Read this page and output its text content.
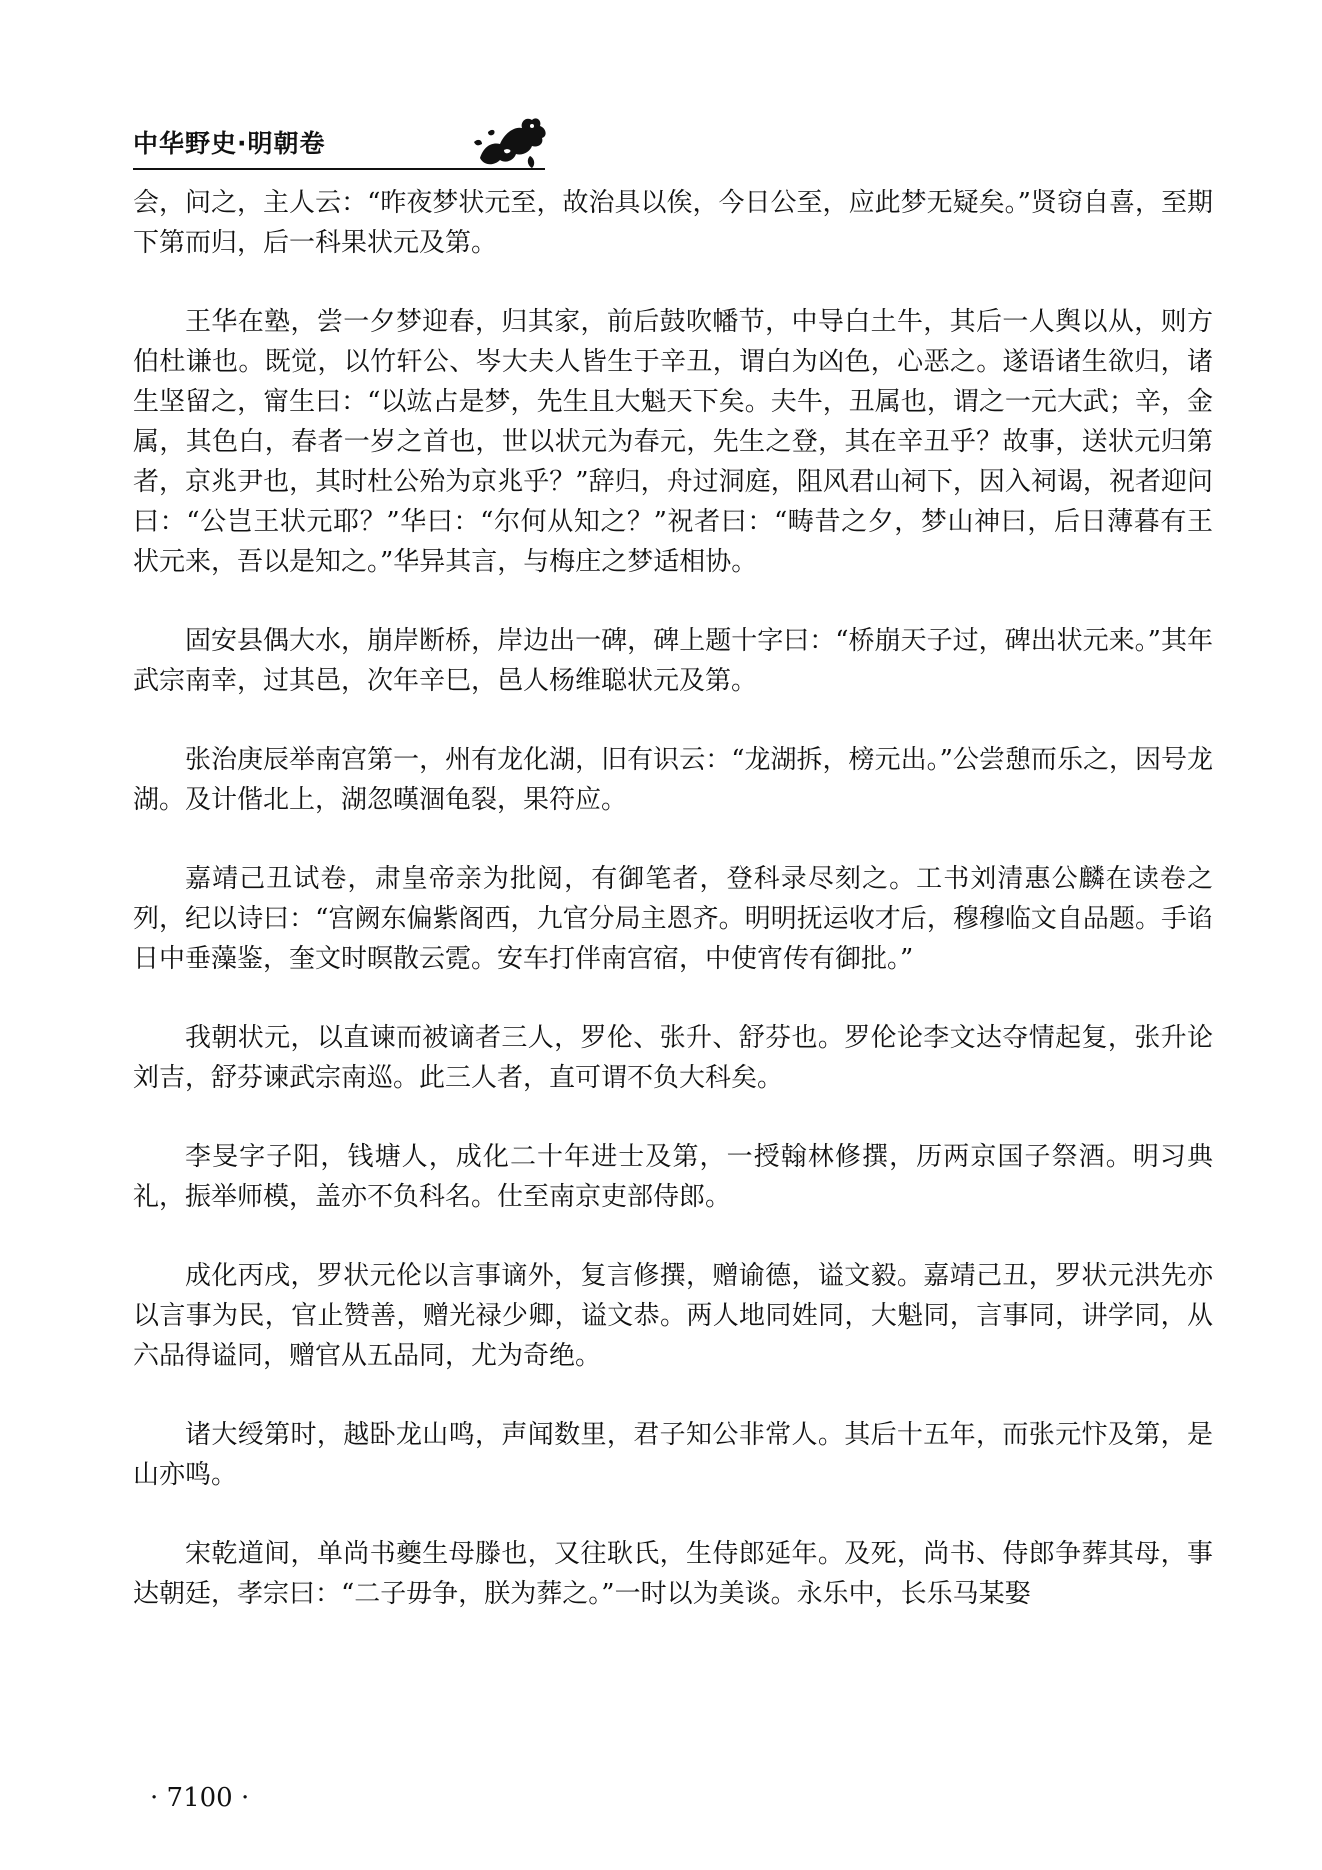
中华野史·明朝卷

会，问之，主人云：“昨夜梦状元至，故治具以俟，今日公至，应此梦无疑矣。”贤窃自喜，至期下第而归，后一科果状元及第。

王华在塾，尝一夕梦迎春，归其家，前后鼓吹幡节，中导白土牛，其后一人舆以从，则方伯杜谦也。既觉，以竹轩公、岑大夫人皆生于辛丑，谓白为凶色，心恶之。遂语诸生欲归，诸生坚留之，甯生曰：“以竑占是梦，先生且大魁天下矣。夫牛，丑属也，谓之一元大武；辛，金属，其色白，春者一岁之首也，世以状元为春元，先生之登，其在辛丑乎？故事，送状元归第者，京兆尹也，其时杜公殆为京兆乎？”辞归，舟过洞庭，阻风君山祠下，因入祠谒，祝者迎问曰：“公岂王状元耶？”华曰：“尔何从知之？”祝者曰：“畴昔之夕，梦山神曰，后日薄暮有王状元来，吾以是知之。”华异其言，与梅庄之梦适相协。

固安县偶大水，崩岸断桥，岸边出一碑，碑上题十字曰：“桥崩天子过，碑出状元来。”其年武宗南幸，过其邑，次年辛巳，邑人杨维聪状元及第。

张治庚辰举南宫第一，州有龙化湖，旧有识云：“龙湖拆，榜元出。”公尝憩而乐之，因号龙湖。及计偕北上，湖忽暵涸龟裂，果符应。

嘉靖己丑试卷，肃皇帝亲为批阅，有御笔者，登科录尽刻之。工书刘清惠公麟在读卷之列，纪以诗曰：“宫阙东偏紫阁西，九官分局主恩齐。明明抚运收才后，穆穆临文自品题。手谄日中垂藻鉴，奎文时暝散云霓。安车打伴南宫宿，中使宵传有御批。”

我朝状元，以直谏而被谪者三人，罗伦、张升、舒芬也。罗伦论李文达夺情起复，张升论刘吉，舒芬谏武宗南巡。此三人者，直可谓不负大科矣。

李旻字子阳，钱塘人，成化二十年进士及第，一授翰林修撰，历两京国子祭酒。明习典礼，振举师模，盖亦不负科名。仕至南京吏部侍郎。

成化丙戌，罗状元伦以言事谪外，复言修撰，赠谕德，谥文毅。嘉靖己丑，罗状元洪先亦以言事为民，官止赞善，赠光禄少卿，谥文恭。两人地同姓同，大魁同，言事同，讲学同，从六品得谥同，赠官从五品同，尤为奇绝。

诸大绶第时，越卧龙山鸣，声闻数里，君子知公非常人。其后十五年，而张元忭及第，是山亦鸣。

宋乾道间，单尚书夔生母滕也，又往耿氏，生侍郎延年。及死，尚书、侍郎争葬其母，事达朝廷，孝宗曰：“二子毋争，朕为葬之。”一时以为美谈。永乐中，长乐马某娶

· 7100 ·
